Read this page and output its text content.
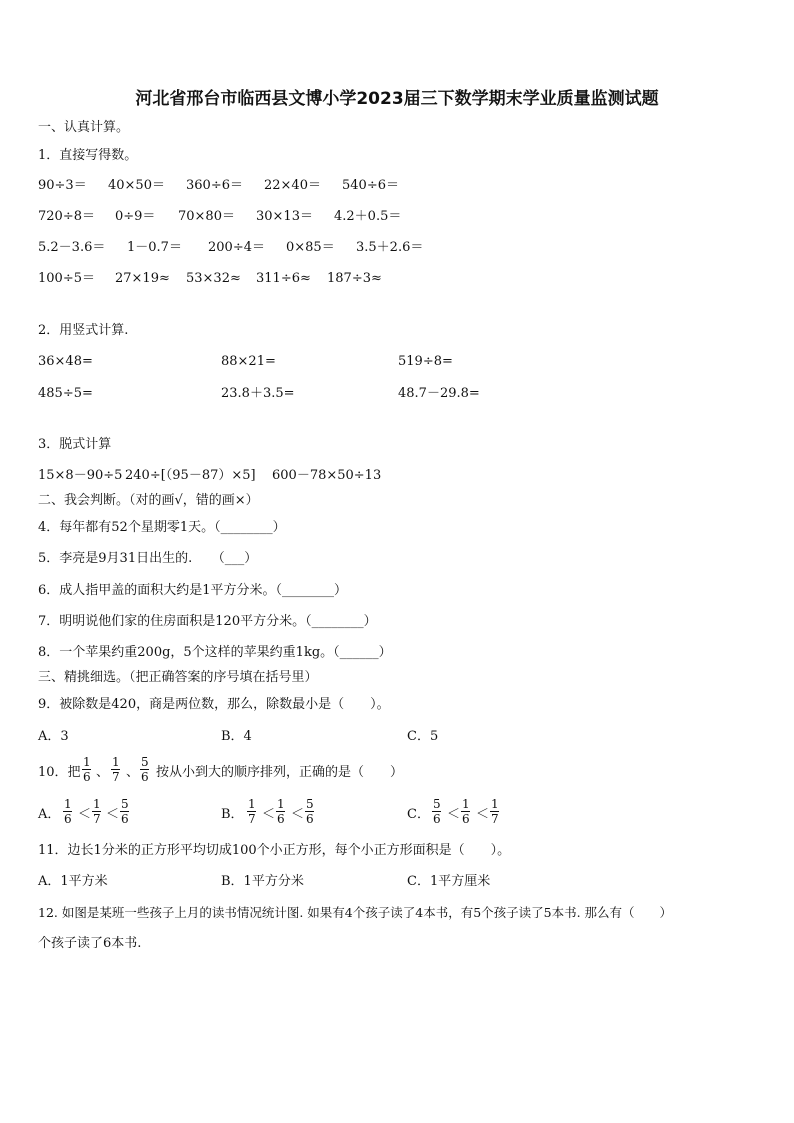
河北省邢台市临西县文博小学2023届三下数学期末学业质量监测试题
一、认真计算。
1．直接写得数。
90÷3＝ 40×50＝ 360÷6＝ 22×40＝ 540÷6＝
720÷8＝ 0÷9＝ 70×80＝ 30×13＝ 4.2＋0.5＝
5.2－3.6＝ 1－0.7＝ 200÷4＝ 0×85＝ 3.5＋2.6＝
100÷5＝ 27×19≈ 53×32≈ 311÷6≈ 187÷3≈
2．用竖式计算.
36×48=	88×21=	519÷8=
485÷5=	23.8＋3.5=	48.7－29.8=
3．脱式计算
15×8－90÷5 240÷[（95－87）×5] 600－78×50÷13
二、我会判断。（对的画√，错的画×）
4．每年都有52个星期零1天。（________）
5．李亮是9月31日出生的.　　（___）
6．成人指甲盖的面积大约是1平方分米。（________）
7．明明说他们家的住房面积是120平方分米。（________）
8．一个苹果约重200g，5个这样的苹果约重1kg。（______）
三、精挑细选。（把正确答案的序号填在括号里）
9．被除数是420，商是两位数，那么，除数最小是（　　）。
A．3	B．4	C．5
10．把
1
6 、
1
7 、
5
6 按从小到大的顺序排列，正确的是（　　）
A．
1
6 ＜
1
7 ＜
5
6	B．
1
7 ＜
1
6 ＜
5
6	C．
5
6 ＜
1
6 ＜
1
7
11．边长1分米的正方形平均切成100个小正方形，每个小正方形面积是（　　）。
A．1平方米	B．1平方分米	C．1平方厘米
12. 如图是某班一些孩子上月的读书情况统计图. 如果有4个孩子读了4本书，有5个孩子读了5本书. 那么有（　　）
个孩子读了6本书.
